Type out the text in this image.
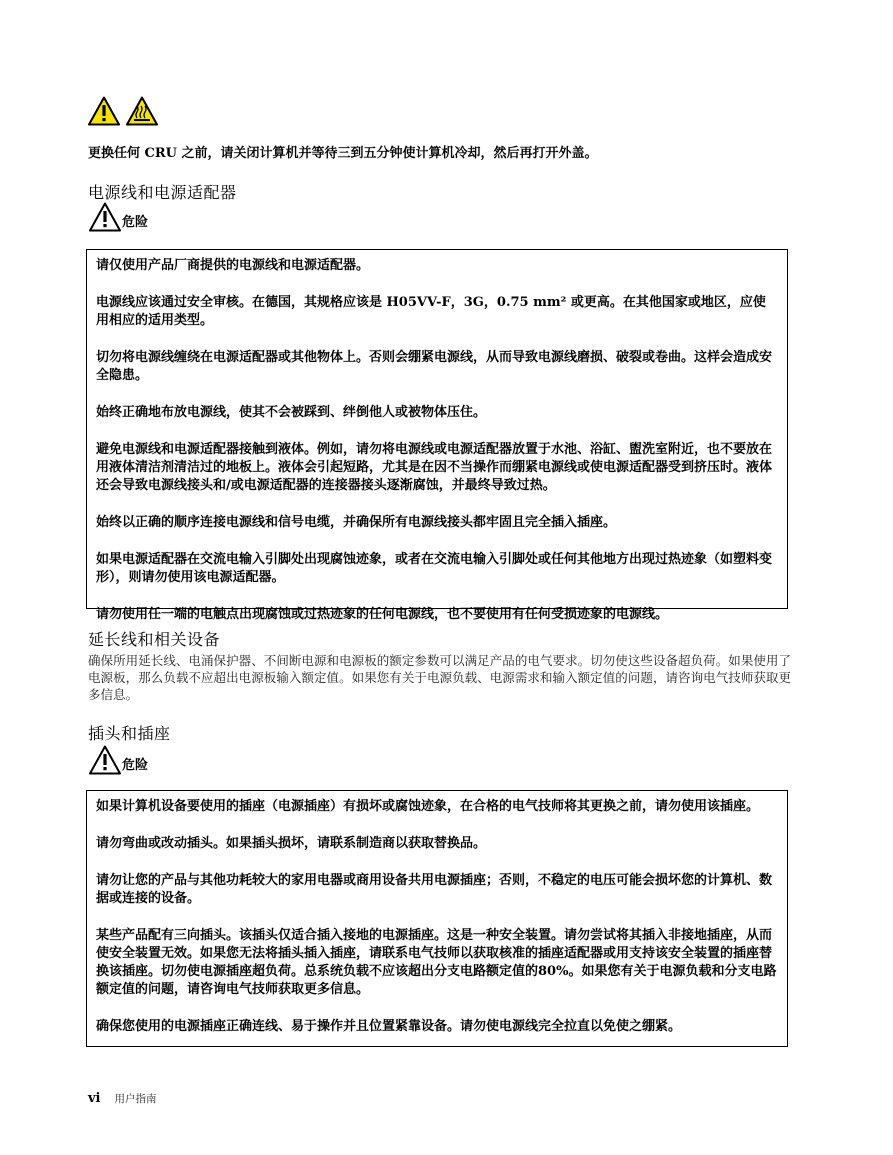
更换任何 CRU 之前，请关闭计算机并等待三到五分钟使计算机冷却，然后再打开外盖。
电源线和电源适配器
危险

请仅使用产品厂商提供的电源线和电源适配器。

电源线应该通过安全审核。在德国，其规格应该是 H05VV-F，3G，0.75 mm² 或更高。在其他国家或地区，应使用相应的适用类型。

切勿将电源线缠绕在电源适配器或其他物体上。否则会绷紧电源线，从而导致电源线磨损、破裂或卷曲。这样会造成安全隐患。

始终正确地布放电源线，使其不会被踩到、绊倒他人或被物体压住。

避免电源线和电源适配器接触到液体。例如，请勿将电源线或电源适配器放置于水池、浴缸、盥洗室附近，也不要放在用液体清洁剂清洁过的地板上。液体会引起短路，尤其是在因不当操作而绷紧电源线或使电源适配器受到挤压时。液体还会导致电源线接头和/或电源适配器的连接器接头逐渐腐蚀，并最终导致过热。

始终以正确的顺序连接电源线和信号电缆，并确保所有电源线接头都牢固且完全插入插座。

如果电源适配器在交流电输入引脚处出现腐蚀迹象，或者在交流电输入引脚处或任何其他地方出现过热迹象（如塑料变形），则请勿使用该电源适配器。

请勿使用任一端的电触点出现腐蚀或过热迹象的任何电源线，也不要使用有任何受损迹象的电源线。

延长线和相关设备
确保所用延长线、电涌保护器、不间断电源和电源板的额定参数可以满足产品的电气要求。切勿使这些设备超负荷。如果使用了电源板，那么负载不应超出电源板输入额定值。如果您有关于电源负载、电源需求和输入额定值的问题，请咨询电气技师获取更多信息。
插头和插座
危险

如果计算机设备要使用的插座（电源插座）有损坏或腐蚀迹象，在合格的电气技师将其更换之前，请勿使用该插座。

请勿弯曲或改动插头。如果插头损坏，请联系制造商以获取替换品。

请勿让您的产品与其他功耗较大的家用电器或商用设备共用电源插座；否则，不稳定的电压可能会损坏您的计算机、数据或连接的设备。

某些产品配有三向插头。该插头仅适合插入接地的电源插座。这是一种安全装置。请勿尝试将其插入非接地插座，从而使安全装置无效。如果您无法将插头插入插座，请联系电气技师以获取核准的插座适配器或用支持该安全装置的插座替换该插座。切勿使电源插座超负荷。总系统负载不应该超出分支电路额定值的80%。如果您有关于电源负载和分支电路额定值的问题，请咨询电气技师获取更多信息。

确保您使用的电源插座正确连线、易于操作并且位置紧靠设备。请勿使电源线完全拉直以免使之绷紧。

vi 用户指南
